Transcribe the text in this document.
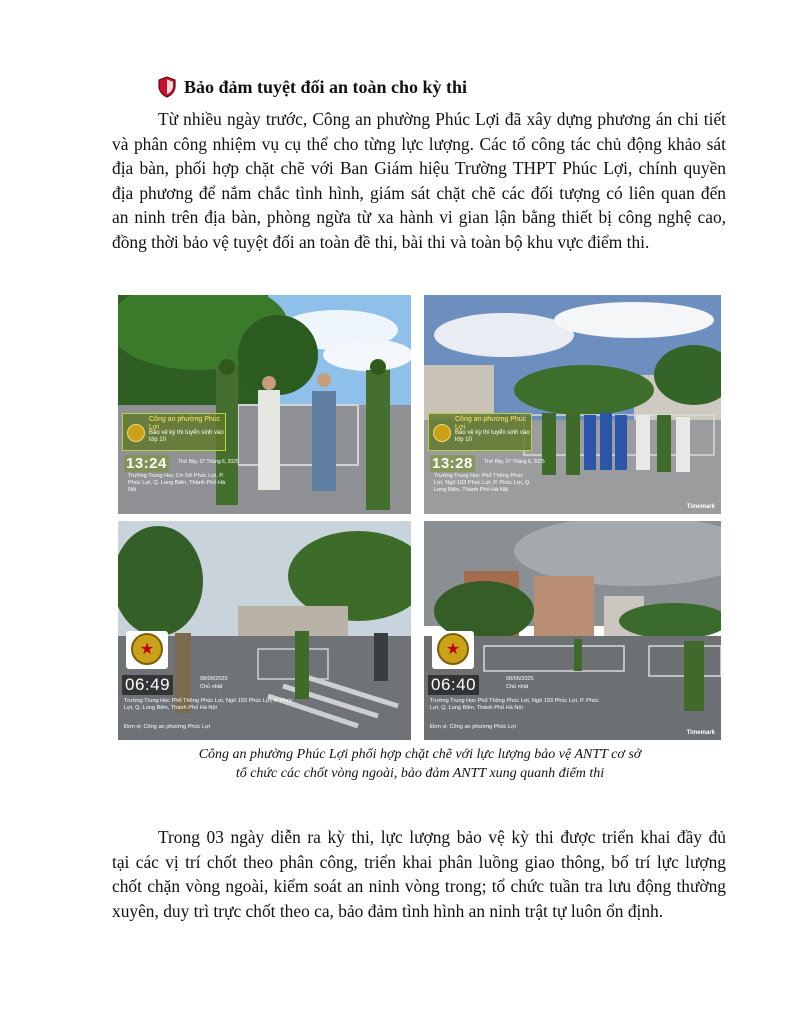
Bảo đảm tuyệt đối an toàn cho kỳ thi

Từ nhiều ngày trước, Công an phường Phúc Lợi đã xây dựng phương án chi tiết
và phân công nhiệm vụ cụ thể cho từng lực lượng. Các tổ công tác chủ động khảo sát
địa bàn, phối hợp chặt chẽ với Ban Giám hiệu Trường THPT Phúc Lợi, chính quyền
địa phương để nắm chắc tình hình, giám sát chặt chẽ các đối tượng có liên quan đến
an ninh trên địa bàn, phòng ngừa từ xa hành vi gian lận bằng thiết bị công nghệ cao,
đồng thời bảo vệ tuyệt đối an toàn đề thi, bài thi và toàn bộ khu vực điểm thi.

Công an phường Phúc Lợi
Bảo vệ kỳ thi tuyển sinh vào lớp 10
13:24	Thứ Bảy, 07 Tháng 6, 2025
Trường Trung Học Cơ Sở Phúc Lợi, P. Phúc Lợi, Q. Long Biên, Thành Phố Hà Nội
Công an phường Phúc Lợi
Bảo vệ kỳ thi tuyển sinh vào lớp 10
13:28	Thứ Bảy, 07 Tháng 6, 2025
Trường Trung Học Phổ Thông Phúc Lợi, Ngõ 193 Phúc Lợi, P. Phúc Lợi, Q. Long Biên, Thành Phố Hà Nội
Timemark
★
06:49	08/06/2025
Chủ nhật
Trường Trung Học Phổ Thông Phúc Lợi, Ngõ 193 Phúc Lợi, P. Phúc Lợi, Q. Long Biên, Thành Phố Hà Nội
Đơn vị: Công an phường Phúc Lợi
★
06:40	08/06/2025
Chủ nhật
Trường Trung Học Phổ Thông Phúc Lợi, Ngõ 193 Phúc Lợi, P. Phúc Lợi, Q. Long Biên, Thành Phố Hà Nội
Đơn vị: Công an phường Phúc Lợi
Timemark
Công an phường Phúc Lợi phối hợp chặt chẽ với lực lượng bảo vệ ANTT cơ sở
tổ chức các chốt vòng ngoài, bảo đảm ANTT xung quanh điểm thi

Trong 03 ngày diễn ra kỳ thi, lực lượng bảo vệ kỳ thi được triển khai đầy đủ
tại các vị trí chốt theo phân công, triển khai phân luồng giao thông, bố trí lực lượng
chốt chặn vòng ngoài, kiểm soát an ninh vòng trong; tổ chức tuần tra lưu động thường
xuyên, duy trì trực chốt theo ca, bảo đảm tình hình an ninh trật tự luôn ổn định.
